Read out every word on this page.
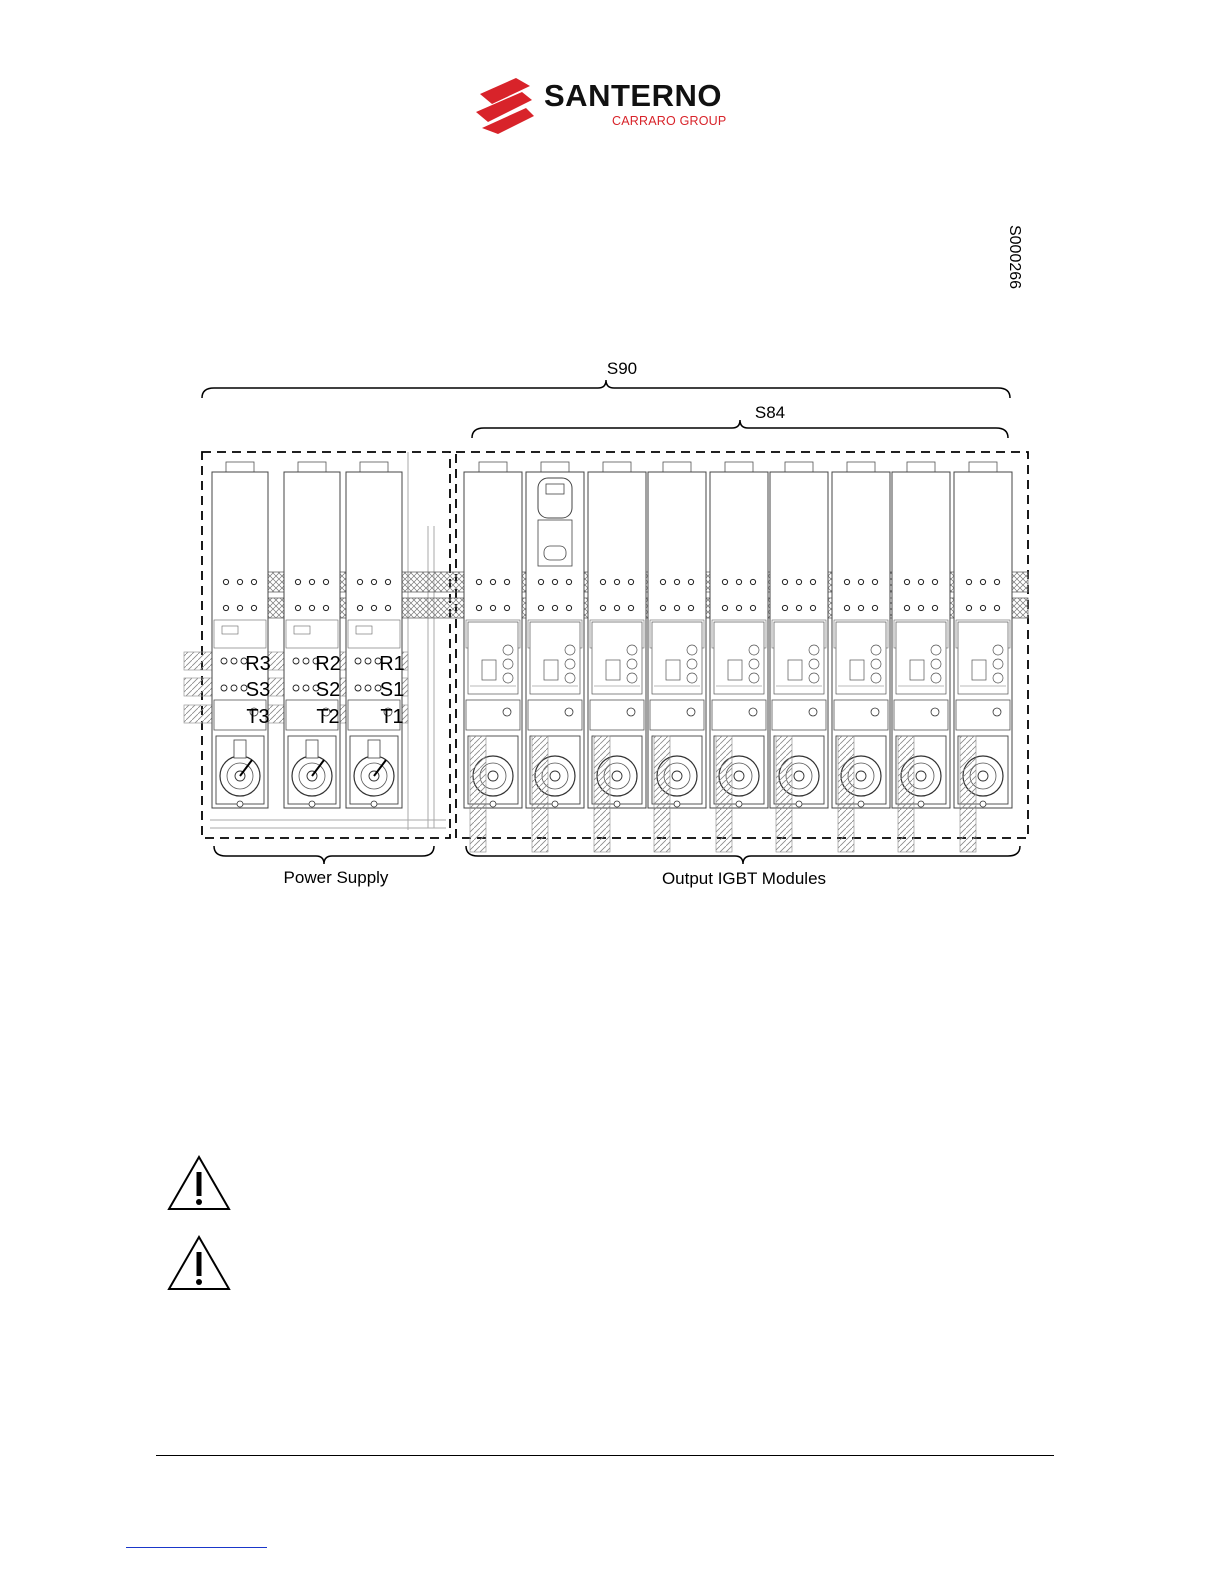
SANTERNO
CARRARO GROUP
S000266
S90
S84
Power Supply	Output IGBT Modules
R3 R2 R1
S3 S2 S1
T3 T2 T1
